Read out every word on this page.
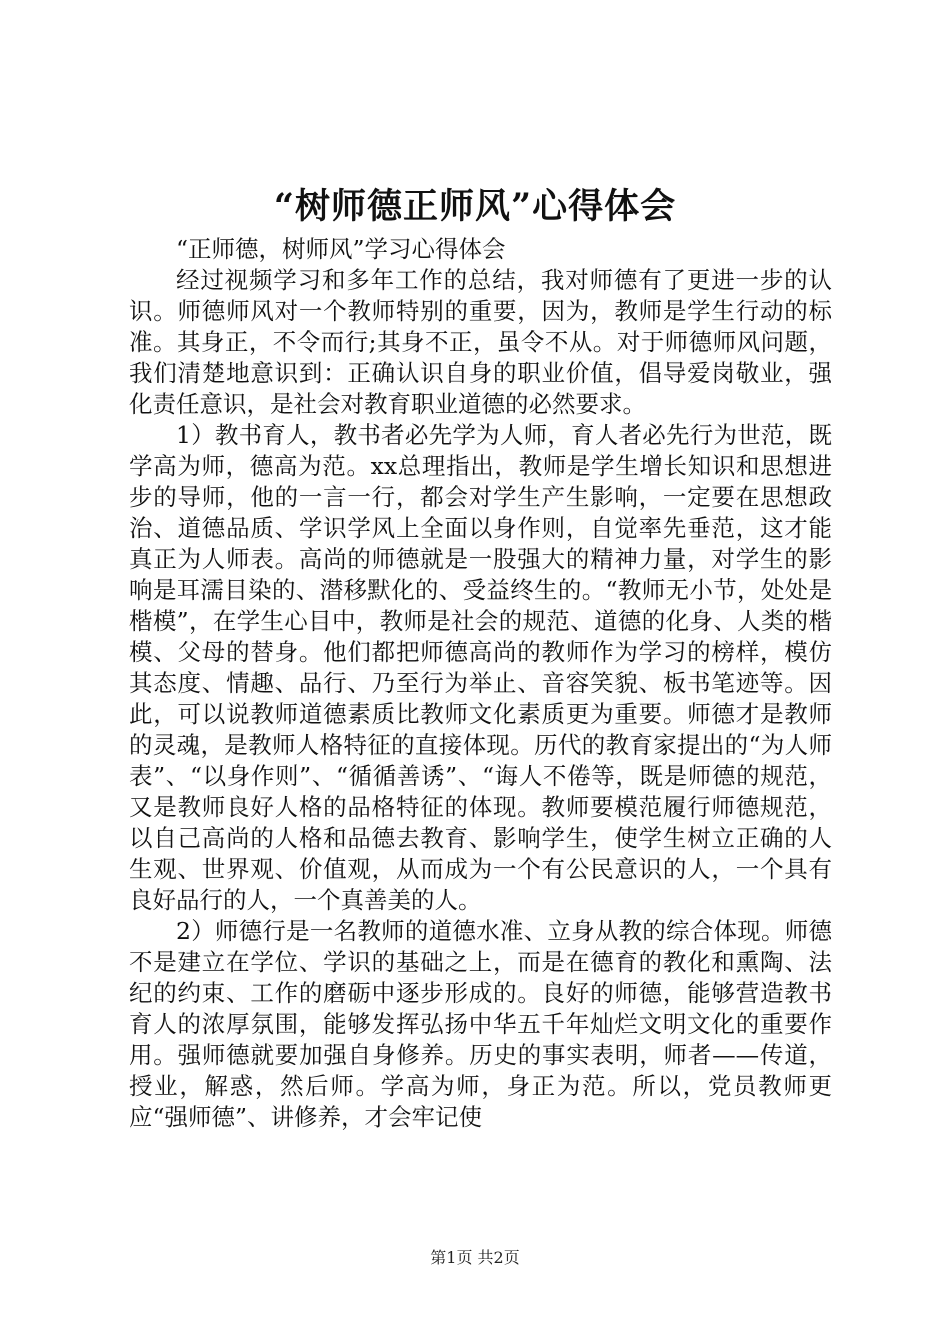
“树师德正师风”心得体会

“正师德，树师风”学习心得体会

经过视频学习和多年工作的总结，我对师德有了更进一步的认识。师德师风对一个教师特别的重要，因为，教师是学生行动的标准。其身正，不令而行;其身不正，虽令不从。对于师德师风问题，我们清楚地意识到：正确认识自身的职业价值，倡导爱岗敬业，强化责任意识，是社会对教育职业道德的必然要求。

1）教书育人，教书者必先学为人师，育人者必先行为世范，既学高为师，德高为范。xx总理指出，教师是学生增长知识和思想进步的导师，他的一言一行，都会对学生产生影响，一定要在思想政治、道德品质、学识学风上全面以身作则，自觉率先垂范，这才能真正为人师表。高尚的师德就是一股强大的精神力量，对学生的影响是耳濡目染的、潜移默化的、受益终生的。“教师无小节，处处是楷模”，在学生心目中，教师是社会的规范、道德的化身、人类的楷模、父母的替身。他们都把师德高尚的教师作为学习的榜样，模仿其态度、情趣、品行、乃至行为举止、音容笑貌、板书笔迹等。因此，可以说教师道德素质比教师文化素质更为重要。师德才是教师的灵魂，是教师人格特征的直接体现。历代的教育家提出的“为人师表”、“以身作则”、“循循善诱”、“诲人不倦等，既是师德的规范，又是教师良好人格的品格特征的体现。教师要模范履行师德规范，以自己高尚的人格和品德去教育、影响学生，使学生树立正确的人生观、世界观、价值观，从而成为一个有公民意识的人，一个具有良好品行的人，一个真善美的人。

2）师德行是一名教师的道德水准、立身从教的综合体现。师德不是建立在学位、学识的基础之上，而是在德育的教化和熏陶、法纪的约束、工作的磨砺中逐步形成的。良好的师德，能够营造教书育人的浓厚氛围，能够发挥弘扬中华五千年灿烂文明文化的重要作用。强师德就要加强自身修养。历史的事实表明，师者——传道，授业，解惑，然后师。学高为师，身正为范。所以，党员教师更应“强师德”、讲修养，才会牢记使

第1页 共2页
